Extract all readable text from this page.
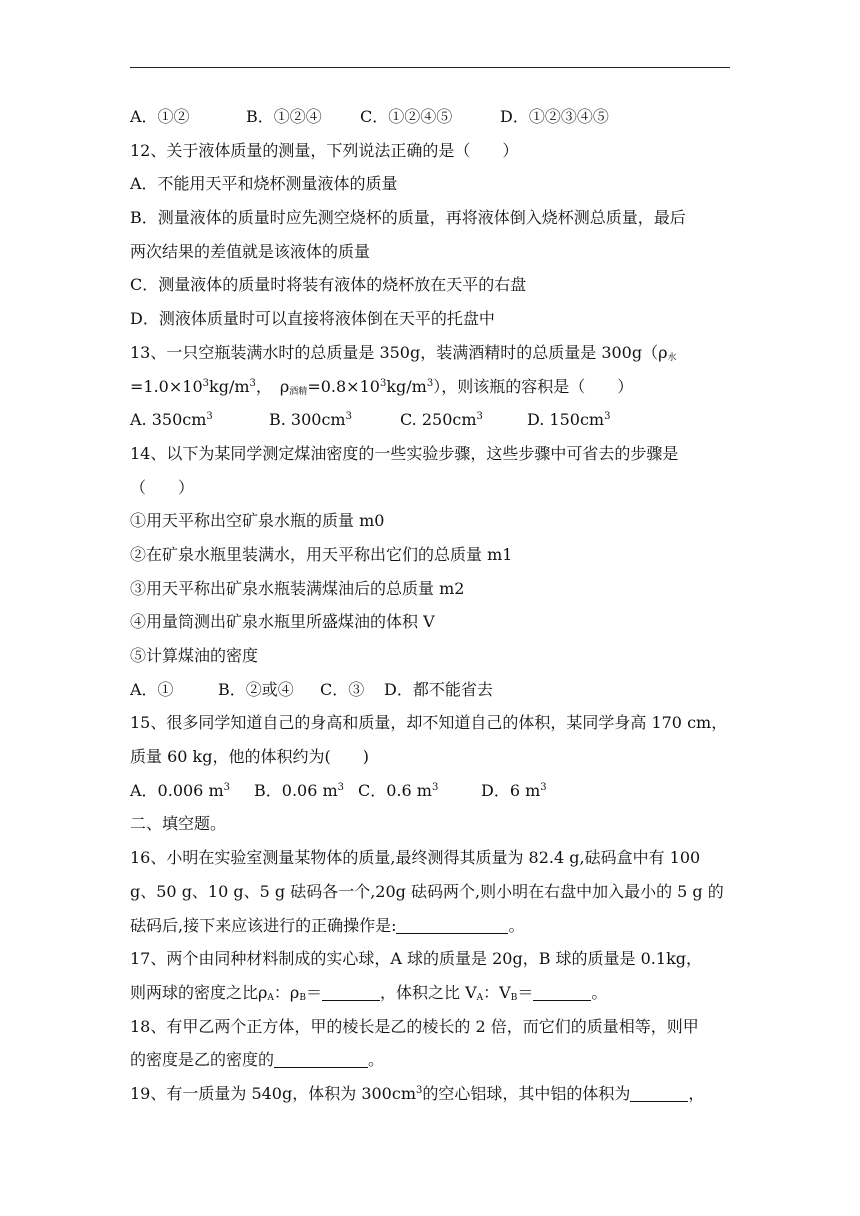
A．①②	B．①②④ C．①②④⑤	D．①②③④⑤
12、关于液体质量的测量，下列说法正确的是（　　）
A．不能用天平和烧杯测量液体的质量
B．测量液体的质量时应先测空烧杯的质量，再将液体倒入烧杯测总质量，最后
两次结果的差值就是该液体的质量
C．测量液体的质量时将装有液体的烧杯放在天平的右盘
D．测液体质量时可以直接将液体倒在天平的托盘中
13、一只空瓶装满水时的总质量是 350g，装满酒精时的总质量是 $300g(\rho_水$
$=1.0\times 10^3kg/m^3$，　$\rho_{酒精}=0.8\times 10^3kg/m^3$），则该瓶的容积是（　　）
A. $350cm^3$	B. $300cm^3$	C. $250cm^3$	D. $150cm^3$
14、以下为某同学测定煤油密度的一些实验步骤，这些步骤中可省去的步骤是
（　　）
①用天平称出空矿泉水瓶的质量 m0
②在矿泉水瓶里装满水，用天平称出它们的总质量 m1
③用天平称出矿泉水瓶装满煤油后的总质量 m2
④用量筒测出矿泉水瓶里所盛煤油的体积 V
⑤计算煤油的密度
A．①	B．②或④ C．③ D．都不能省去
15、很多同学知道自己的身高和质量，却不知道自己的体积，某同学身高 170 cm，
质量 60 kg，他的体积约为(　　)
A．0.006 $m^3$ B．0.06 $m^3$ C．0.6 $m^3$	D．6 $m^3$
二、填空题。
16、小明在实验室测量某物体的质量,最终测得其质量为 82.4 g,砝码盒中有 100
g、50 g、10 g、5 g 砝码各一个,20g 砝码两个,则小明在右盘中加入最小的 5 g 的
砝码后,接下来应该进行的正确操作是:	。
17、两个由同种材料制成的实心球，A 球的质量是 20g，B 球的质量是 0.1kg，
则两球的密度之比$\rho_A$：$\rho_B=$	，体积之比 $V_A$：$V_B=$	。
18、有甲乙两个正方体，甲的棱长是乙的棱长的 2 倍，而它们的质量相等，则甲
的密度是乙的密度的	。
19、有一质量为 540g，体积为 $300cm^3$的空心铝球，其中铝的体积为	，
